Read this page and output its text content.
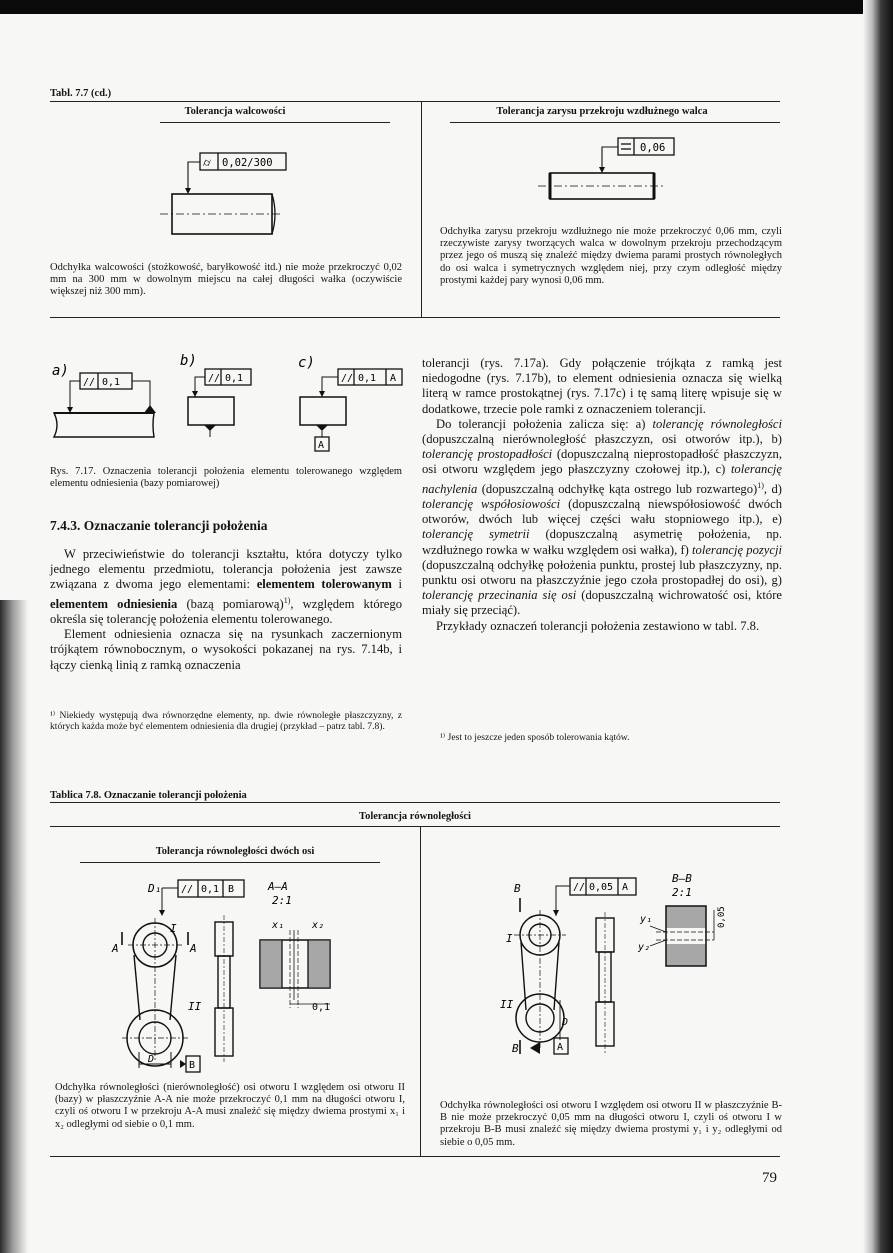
Tabl. 7.7 (cd.)
Tolerancja walcowości	Tolerancja zarysu przekroju wzdłużnego walca
⌭ 0,02/300
Odchyłka walcowości (stożkowość, baryłkowość itd.) nie może przekroczyć 0,02 mm na 300 mm w dowolnym miejscu na całej długości wałka (oczywiście większej niż 300 mm).
0,06
Odchyłka zarysu przekroju wzdłużnego nie może przekroczyć 0,06 mm, czyli rzeczywiste zarysy tworzących walca w dowolnym przekroju przechodzącym przez jego oś muszą się znaleźć między dwiema parami prostych równoległych do osi walca i symetrycznych względem niej, przy czym odległość między prostymi każdej pary wynosi 0,06 mm.
a)
b)	c)
// 0,1	// 0,1	// 0,1 A
A
Rys. 7.17. Oznaczenia tolerancji położenia elementu tolerowanego względem elementu odniesienia (bazy pomiarowej)
7.4.3. Oznaczanie tolerancji położenia

W przeciwieństwie do tolerancji kształtu, która dotyczy tylko jednego elementu przedmiotu, tolerancja położenia jest zawsze związana z dwoma jego elementami: elementem tolerowanym i elementem odniesienia (bazą pomiarową)$^{1)}$, względem którego określa się tolerancję położenia elementu tolerowanego.

Element odniesienia oznacza się na rysunkach zaczernionym trójkątem równobocznym, o wysokości pokazanej na rys. 7.14b, i łączy cienką linią z ramką oznaczenia

¹⁾ Niekiedy występują dwa równorzędne elementy, np. dwie równoległe płaszczyzny, z których każda może być elementem odniesienia dla drugiej (przykład – patrz tabl. 7.8).

tolerancji (rys. 7.17a). Gdy połączenie trójkąta z ramką jest niedogodne (rys. 7.17b), to element odniesienia oznacza się wielką literą w ramce prostokątnej (rys. 7.17c) i tę samą literę wpisuje się w dodatkowe, trzecie pole ramki z oznaczeniem tolerancji.

Do tolerancji położenia zalicza się: a) tolerancję równoległości (dopuszczalną nierównoległość płaszczyzn, osi otworów itp.), b) tolerancję prostopadłości (dopuszczalną nieprostopadłość płaszczyzn, osi otworu względem jego płaszczyzny czołowej itp.), c) tolerancję nachylenia (dopuszczalną odchyłkę kąta ostrego lub rozwartego)$^{1)}$, d) tolerancję współosiowości (dopuszczalną niewspółosiowość dwóch otworów, dwóch lub więcej części wału stopniowego itp.), e) tolerancję symetrii (dopuszczalną asymetrię położenia, np. wzdłużnego rowka w wałku względem osi wałka), f) tolerancję pozycji (dopuszczalną odchyłkę położenia punktu, prostej lub płaszczyzny, np. punktu osi otworu na płaszczyźnie jego czoła prostopadłej do osi), g) tolerancję przecinania się osi (dopuszczalną wichrowatość osi, które miały się przeciąć).

Przykłady oznaczeń tolerancji położenia zestawiono w tabl. 7.8.

¹⁾ Jest to jeszcze jeden sposób tolerowania kątów.
Tablica 7.8. Oznaczanie tolerancji położenia
Tolerancja równoległości
Tolerancja równoległości dwóch osi
D₁ // 0,1 B
I
A	A
II
D
B
A–A
2:1
x₁	x₂
0,1
Odchyłka równoległości (nierównoległość) osi otworu I względem osi otworu II (bazy) w płaszczyźnie A-A nie może przekroczyć 0,1 mm na długości otworu I, czyli oś otworu I w przekroju A-A musi znaleźć się między dwiema prostymi x₁ i x₂ odległymi od siebie o 0,1 mm.
B	// 0,05 A
I
II
D
B	A
B–B
2:1
y₁
y₂
0,05
Odchyłka równoległości osi otworu I względem osi otworu II w płaszczyźnie B-B nie może przekroczyć 0,05 mm na długości otworu I, czyli oś otworu I w przekroju B-B musi znaleźć się między dwiema prostymi y₁ i y₂ odległymi od siebie o 0,05 mm.
79
